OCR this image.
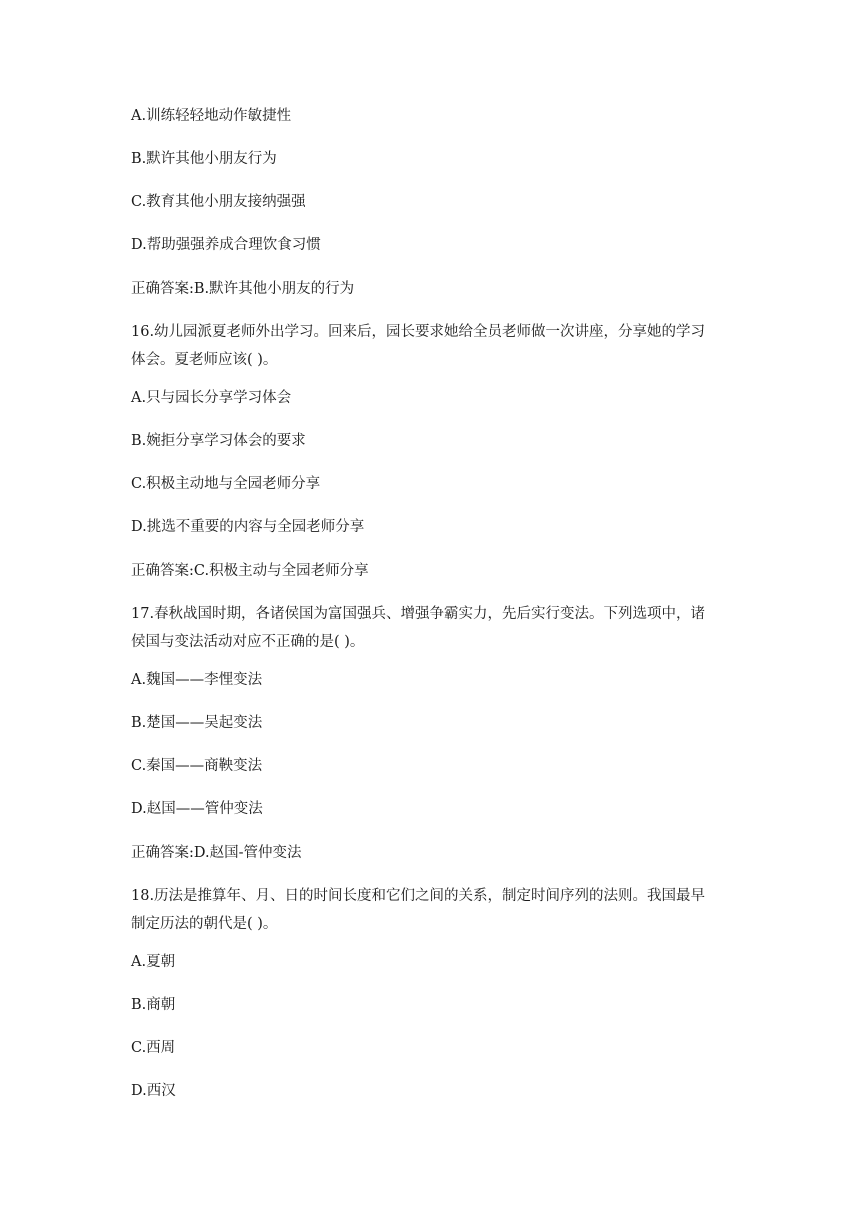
A.训练轻轻地动作敏捷性
B.默许其他小朋友行为
C.教育其他小朋友接纳强强
D.帮助强强养成合理饮食习惯
正确答案:B.默许其他小朋友的行为
16.幼儿园派夏老师外出学习。回来后，园长要求她给全员老师做一次讲座，分享她的学习
体会。夏老师应该( )。
A.只与园长分享学习体会
B.婉拒分享学习体会的要求
C.积极主动地与全园老师分享
D.挑选不重要的内容与全园老师分享
正确答案:C.积极主动与全园老师分享
17.春秋战国时期，各诸侯国为富国强兵、增强争霸实力，先后实行变法。下列选项中，诸
侯国与变法活动对应不正确的是( )。
A.魏国——李悝变法
B.楚国——吴起变法
C.秦国——商鞅变法
D.赵国——管仲变法
正确答案:D.赵国-管仲变法
18.历法是推算年、月、日的时间长度和它们之间的关系，制定时间序列的法则。我国最早
制定历法的朝代是( )。
A.夏朝
B.商朝
C.西周
D.西汉
